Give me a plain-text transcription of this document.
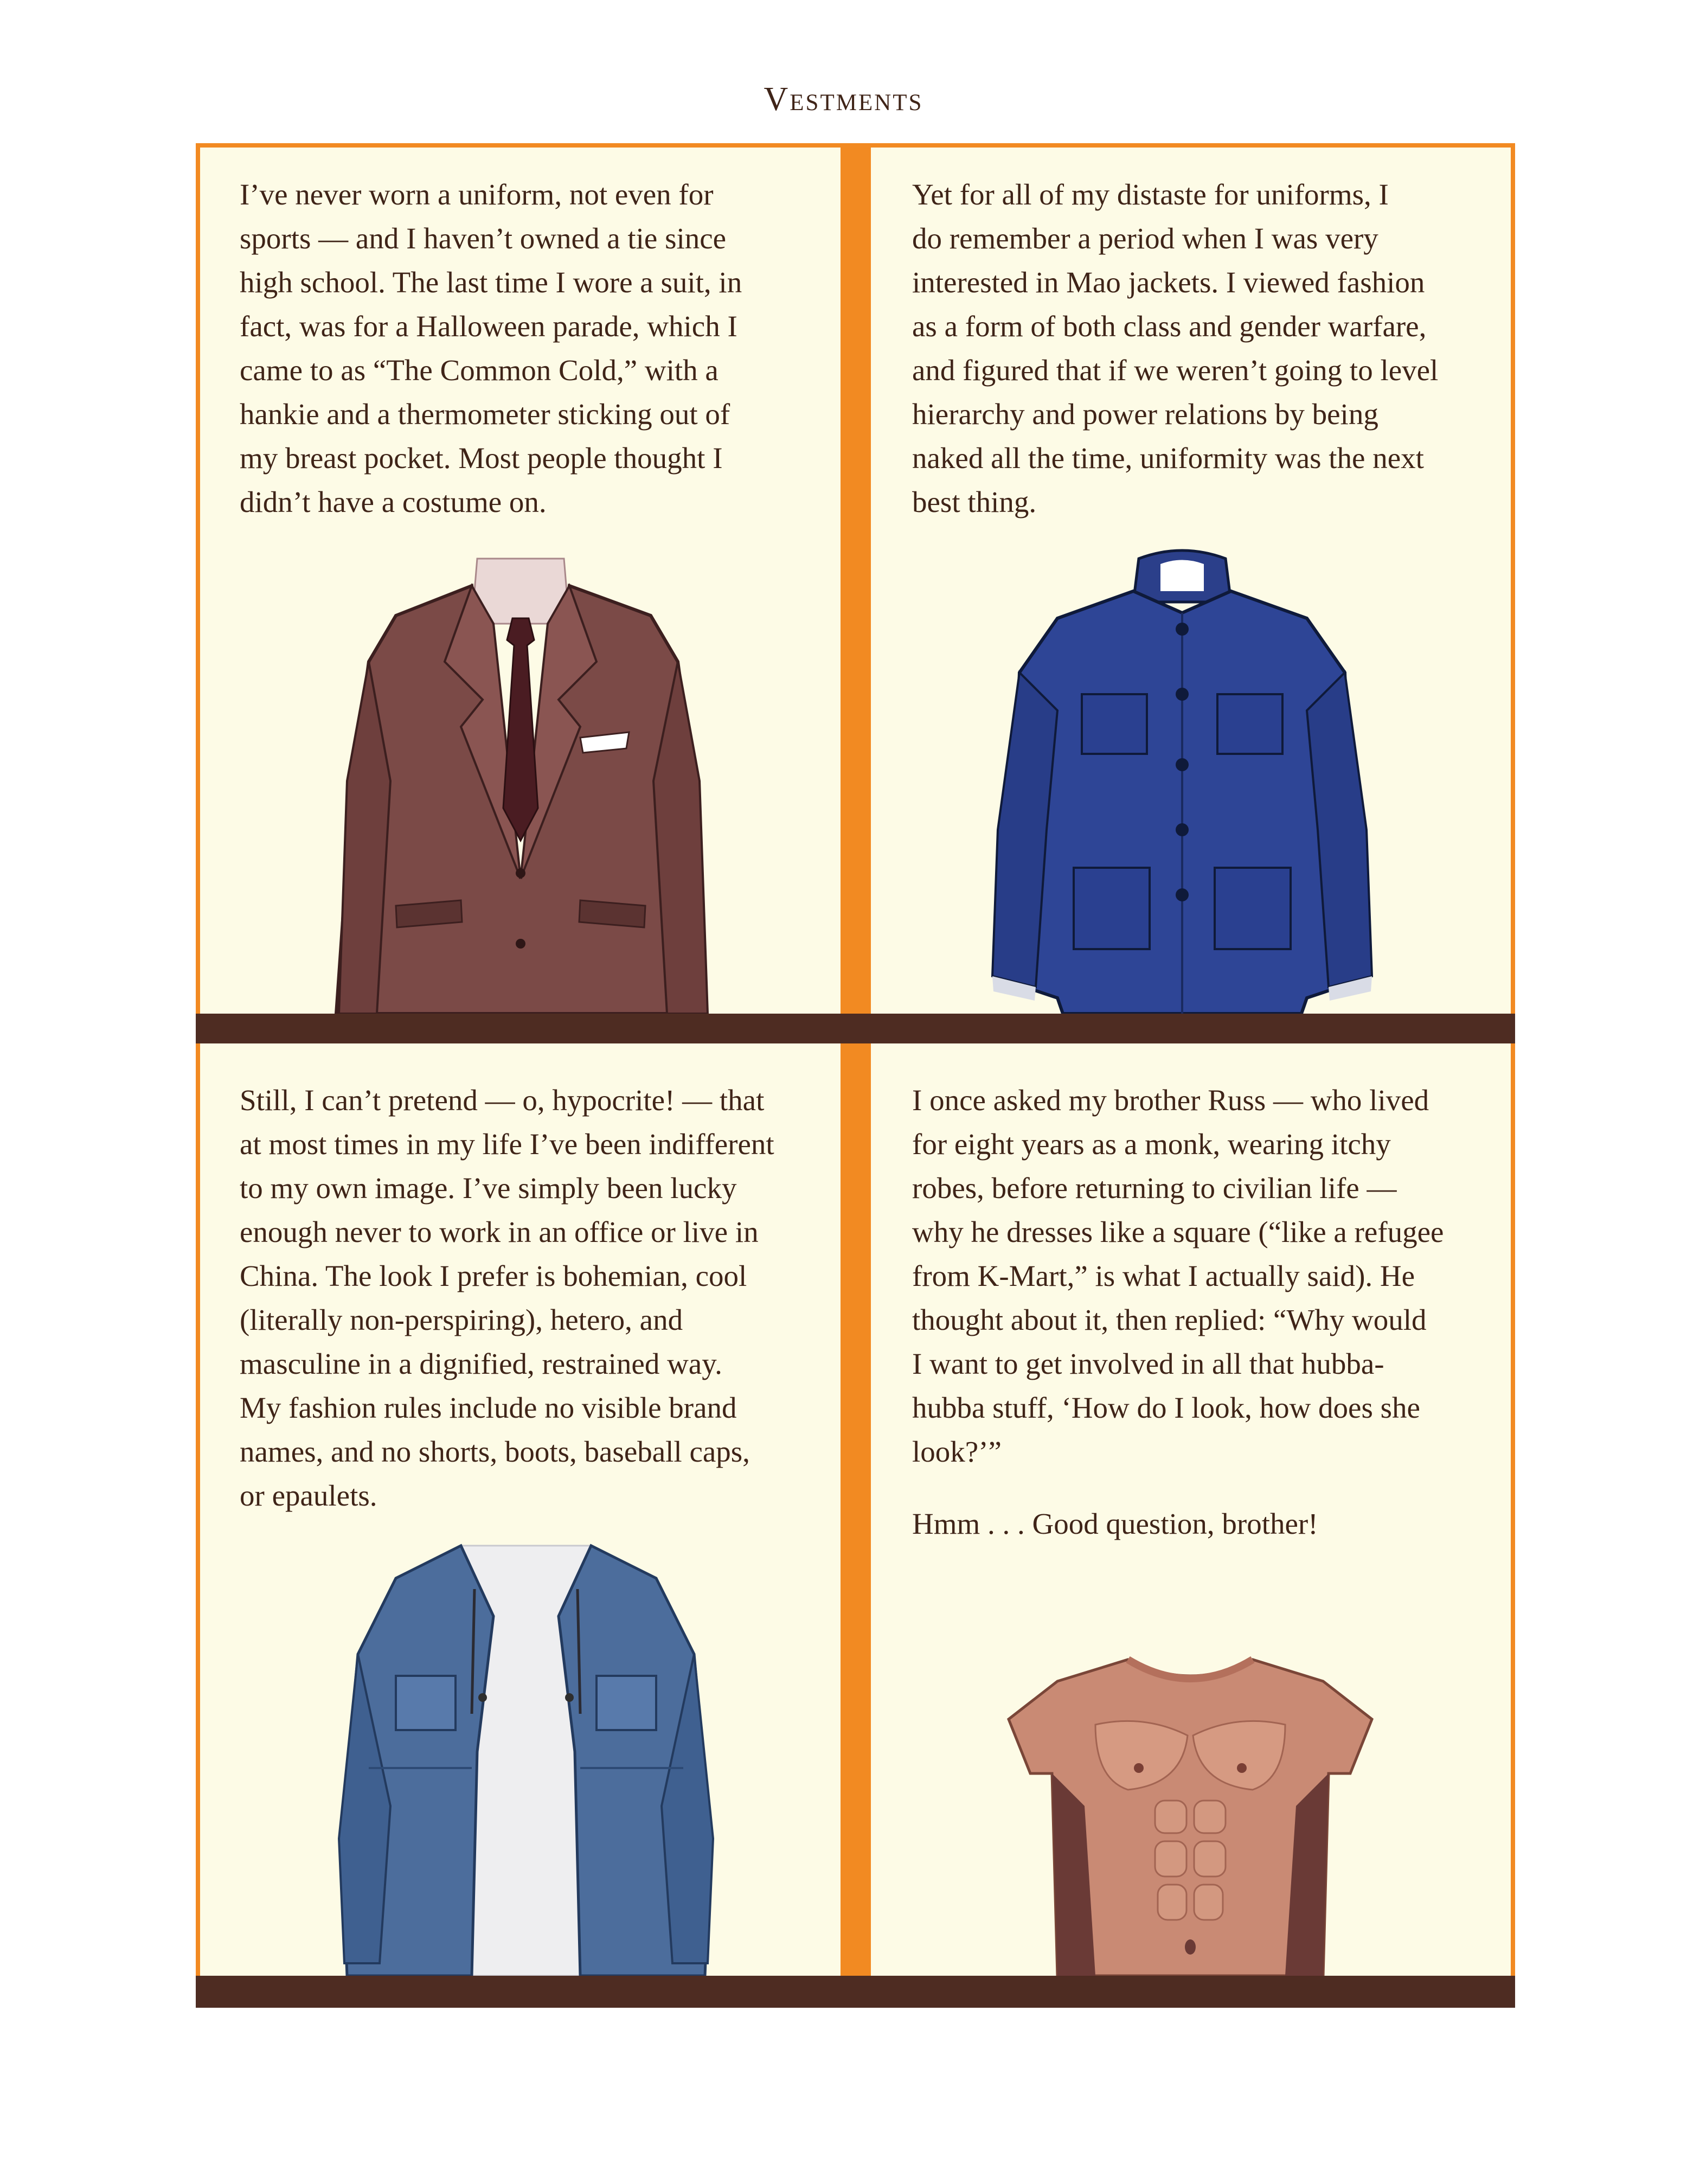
Vestments

I’ve never worn a uniform, not even for

sports — and I haven’t owned a tie since

high school. The last time I wore a suit, in

fact, was for a Halloween parade, which I

came to as “The Common Cold,” with a

hankie and a thermometer sticking out of

my breast pocket. Most people thought I

didn’t have a costume on.

Yet for all of my distaste for uniforms, I

do remember a period when I was very

interested in Mao jackets. I viewed fashion

as a form of both class and gender warfare,

and figured that if we weren’t going to level

hierarchy and power relations by being

naked all the time, uniformity was the next

best thing.

Still, I can’t pretend — o, hypocrite! — that

at most times in my life I’ve been indifferent

to my own image. I’ve simply been lucky

enough never to work in an office or live in

China. The look I prefer is bohemian, cool

(literally non-perspiring), hetero, and

masculine in a dignified, restrained way.

My fashion rules include no visible brand

names, and no shorts, boots, baseball caps,

or epaulets.

I once asked my brother Russ — who lived

for eight years as a monk, wearing itchy

robes, before returning to civilian life —

why he dresses like a square (“like a refugee

from K-Mart,” is what I actually said). He

thought about it, then replied: “Why would

I want to get involved in all that hubba-

hubba stuff, ‘How do I look, how does she

look?’”

Hmm . . . Good question, brother!
